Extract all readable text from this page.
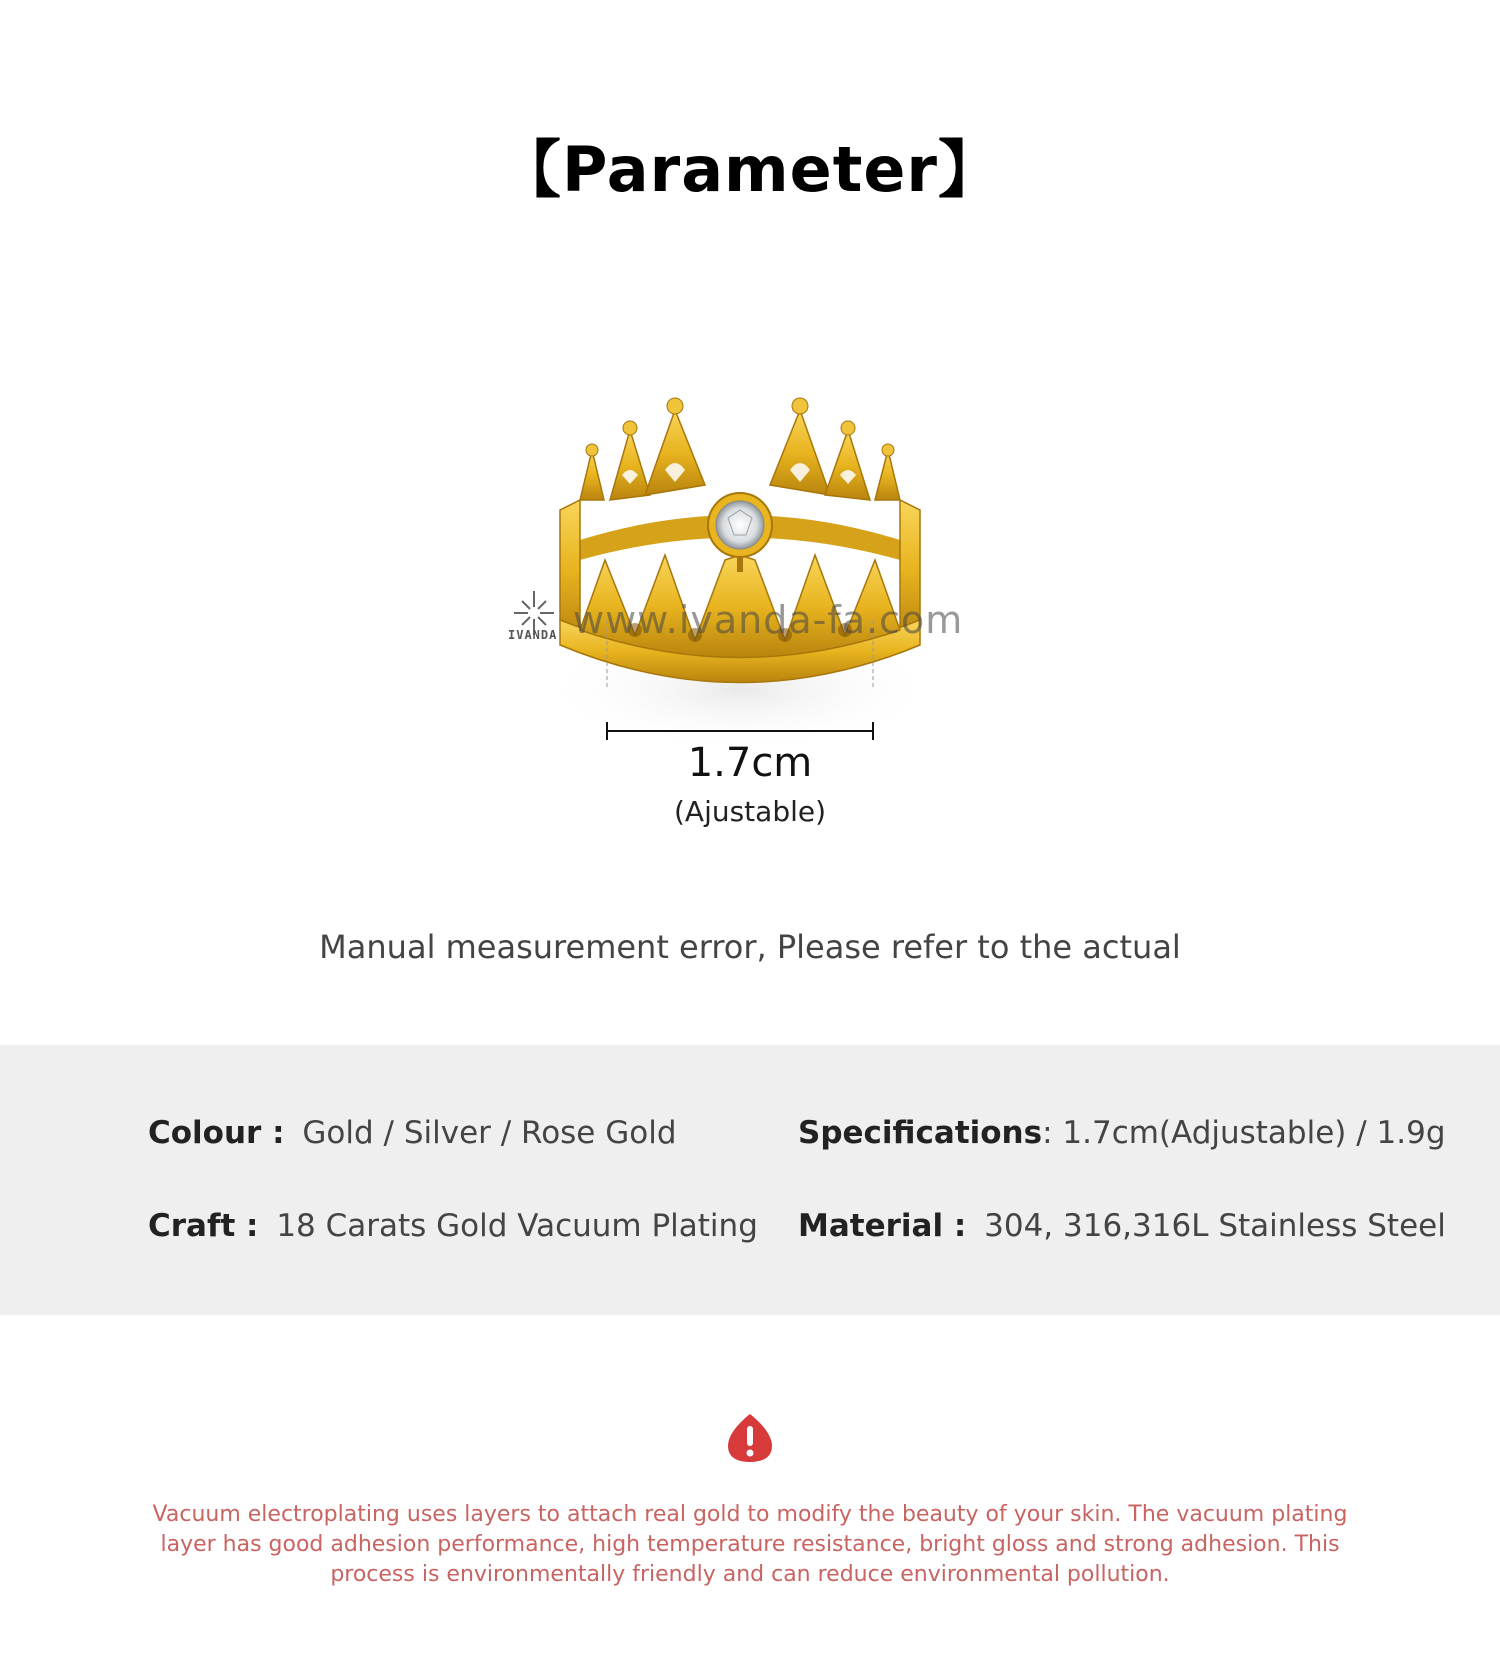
【Parameter】
IVANDA www.ivanda-fa.com
1.7cm
(Ajustable)
Manual measurement error, Please refer to the actual
Colour : Gold / Silver / Rose Gold	Specifications: 1.7cm(Adjustable) / 1.9g
Craft : 18 Carats Gold Vacuum Plating Material : 304, 316,316L Stainless Steel
Vacuum electroplating uses layers to attach real gold to modify the beauty of your skin. The vacuum plating layer has good adhesion performance, high temperature resistance, bright gloss and strong adhesion. This process is environmentally friendly and can reduce environmental pollution.
